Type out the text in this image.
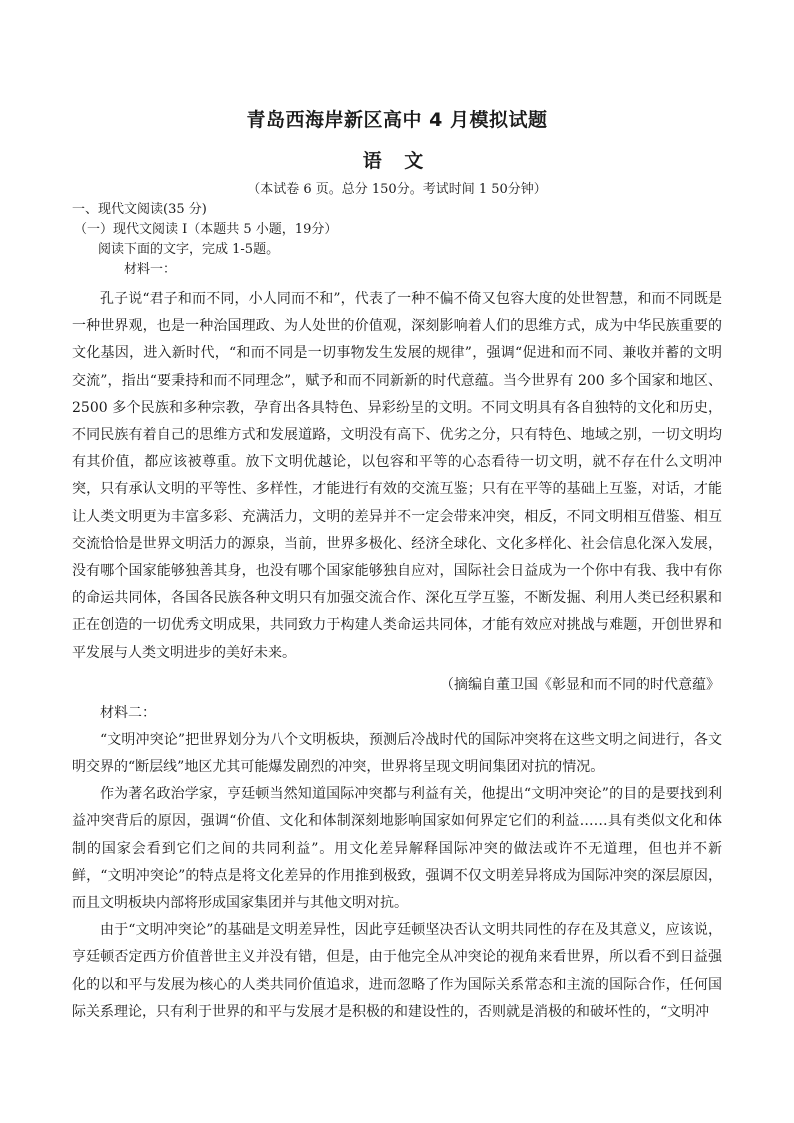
青岛西海岸新区高中 4 月模拟试题
语 文
（本试卷 6 页。总分 150分。考试时间 1 50分钟）
一、现代文阅读(35 分)
（一）现代文阅读 I（本题共 5 小题，19分）
阅读下面的文字，完成 1-5题。
材料一：

孔子说“君子和而不同，小人同而不和”，代表了一种不偏不倚又包容大度的处世智慧，和而不同既是一种世界观，也是一种治国理政、为人处世的价值观，深刻影响着人们的思维方式，成为中华民族重要的文化基因，进入新时代，“和而不同是一切事物发生发展的规律”，强调“促进和而不同、兼收并蓄的文明交流”，指出“要秉持和而不同理念”，赋予和而不同新新的时代意蕴。当今世界有 200 多个国家和地区、2500 多个民族和多种宗教，孕育出各具特色、异彩纷呈的文明。不同文明具有各自独特的文化和历史，不同民族有着自己的思维方式和发展道路，文明没有高下、优劣之分，只有特色、地域之别，一切文明均有其价值，都应该被尊重。放下文明优越论，以包容和平等的心态看待一切文明，就不存在什么文明冲突，只有承认文明的平等性、多样性，才能进行有效的交流互鉴；只有在平等的基础上互鉴，对话，才能让人类文明更为丰富多彩、充满活力，文明的差异并不一定会带来冲突，相反，不同文明相互借鉴、相互交流恰恰是世界文明活力的源泉，当前，世界多极化、经济全球化、文化多样化、社会信息化深入发展，没有哪个国家能够独善其身，也没有哪个国家能够独自应对，国际社会日益成为一个你中有我、我中有你的命运共同体，各国各民族各种文明只有加强交流合作、深化互学互鉴，不断发掘、利用人类已经积累和正在创造的一切优秀文明成果，共同致力于构建人类命运共同体，才能有效应对挑战与难题，开创世界和平发展与人类文明进步的美好未来。

（摘编自董卫国《彰显和而不同的时代意蕴》
材料二：

“文明冲突论”把世界划分为八个文明板块，预测后冷战时代的国际冲突将在这些文明之间进行，各文明交界的“断层线”地区尤其可能爆发剧烈的冲突，世界将呈现文明间集团对抗的情况。

作为著名政治学家，亨廷顿当然知道国际冲突都与利益有关，他提出“文明冲突论”的目的是要找到利益冲突背后的原因，强调“价值、文化和体制深刻地影响国家如何界定它们的利益……具有类似文化和体制的国家会看到它们之间的共同利益”。用文化差异解释国际冲突的做法或许不无道理，但也并不新鲜，“文明冲突论”的特点是将文化差异的作用推到极致，强调不仅文明差异将成为国际冲突的深层原因，而且文明板块内部将形成国家集团并与其他文明对抗。

由于“文明冲突论”的基础是文明差异性，因此亨廷顿坚决否认文明共同性的存在及其意义，应该说，亨廷顿否定西方价值普世主义并没有错，但是，由于他完全从冲突论的视角来看世界，所以看不到日益强化的以和平与发展为核心的人类共同价值追求，进而忽略了作为国际关系常态和主流的国际合作，任何国际关系理论，只有利于世界的和平与发展才是积极的和建设性的，否则就是消极的和破坏性的，“文明冲
